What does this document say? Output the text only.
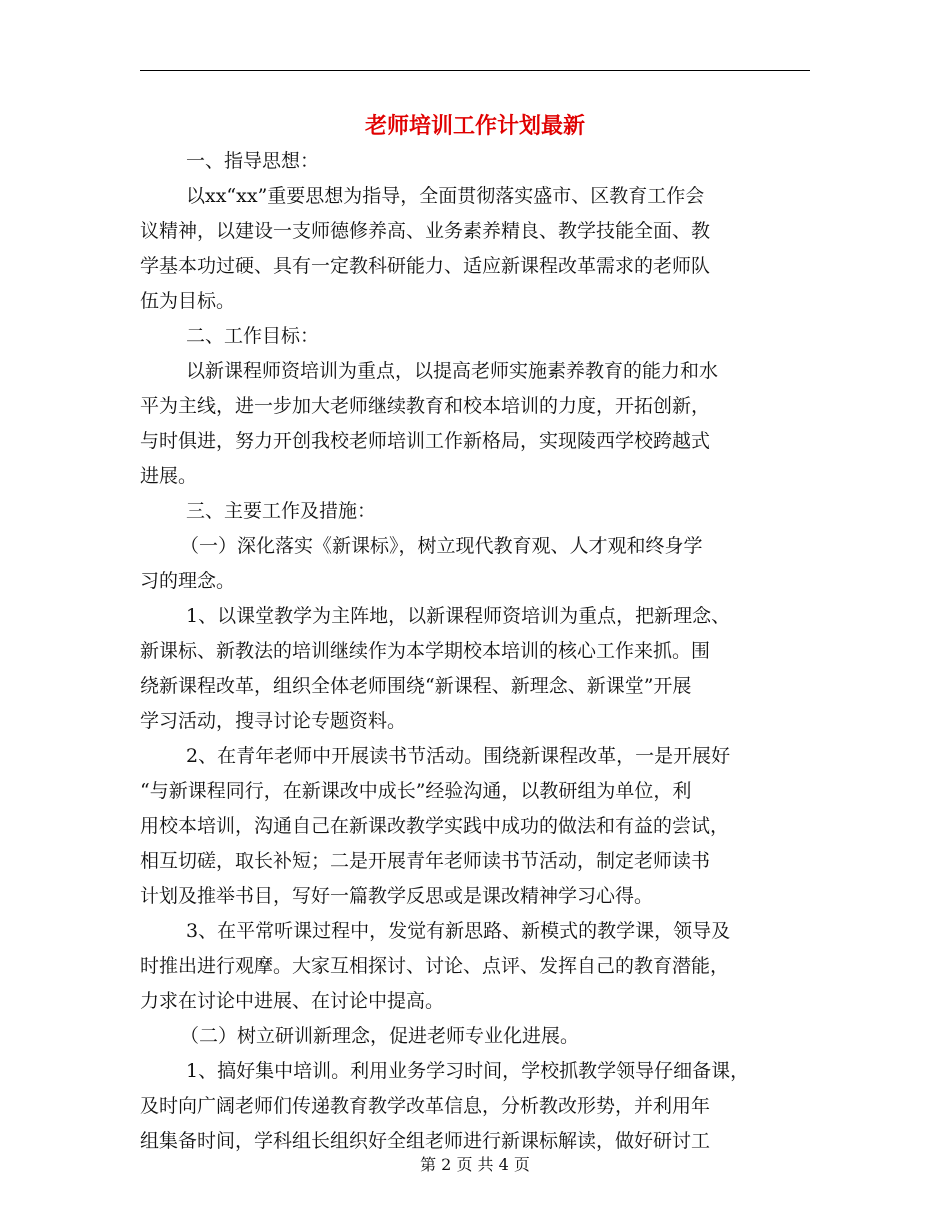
老师培训工作计划最新
一、指导思想：
以xx“xx”重要思想为指导，全面贯彻落实盛市、区教育工作会
议精神，以建设一支师德修养高、业务素养精良、教学技能全面、教
学基本功过硬、具有一定教科研能力、适应新课程改革需求的老师队
伍为目标。
二、工作目标：
以新课程师资培训为重点，以提高老师实施素养教育的能力和水
平为主线，进一步加大老师继续教育和校本培训的力度，开拓创新，
与时俱进，努力开创我校老师培训工作新格局，实现陵西学校跨越式
进展。
三、主要工作及措施：
（一）深化落实《新课标》，树立现代教育观、人才观和终身学
习的理念。
1、以课堂教学为主阵地，以新课程师资培训为重点，把新理念、
新课标、新教法的培训继续作为本学期校本培训的核心工作来抓。围
绕新课程改革，组织全体老师围绕“新课程、新理念、新课堂”开展
学习活动，搜寻讨论专题资料。
2、在青年老师中开展读书节活动。围绕新课程改革，一是开展好
“与新课程同行，在新课改中成长”经验沟通，以教研组为单位，利
用校本培训，沟通自己在新课改教学实践中成功的做法和有益的尝试，
相互切磋，取长补短；二是开展青年老师读书节活动，制定老师读书
计划及推举书目，写好一篇教学反思或是课改精神学习心得。
3、在平常听课过程中，发觉有新思路、新模式的教学课，领导及
时推出进行观摩。大家互相探讨、讨论、点评、发挥自己的教育潜能，
力求在讨论中进展、在讨论中提高。
（二）树立研训新理念，促进老师专业化进展。
1、搞好集中培训。利用业务学习时间，学校抓教学领导仔细备课，
及时向广阔老师们传递教育教学改革信息，分析教改形势，并利用年
组集备时间，学科组长组织好全组老师进行新课标解读，做好研讨工
第 2 页 共 4 页
